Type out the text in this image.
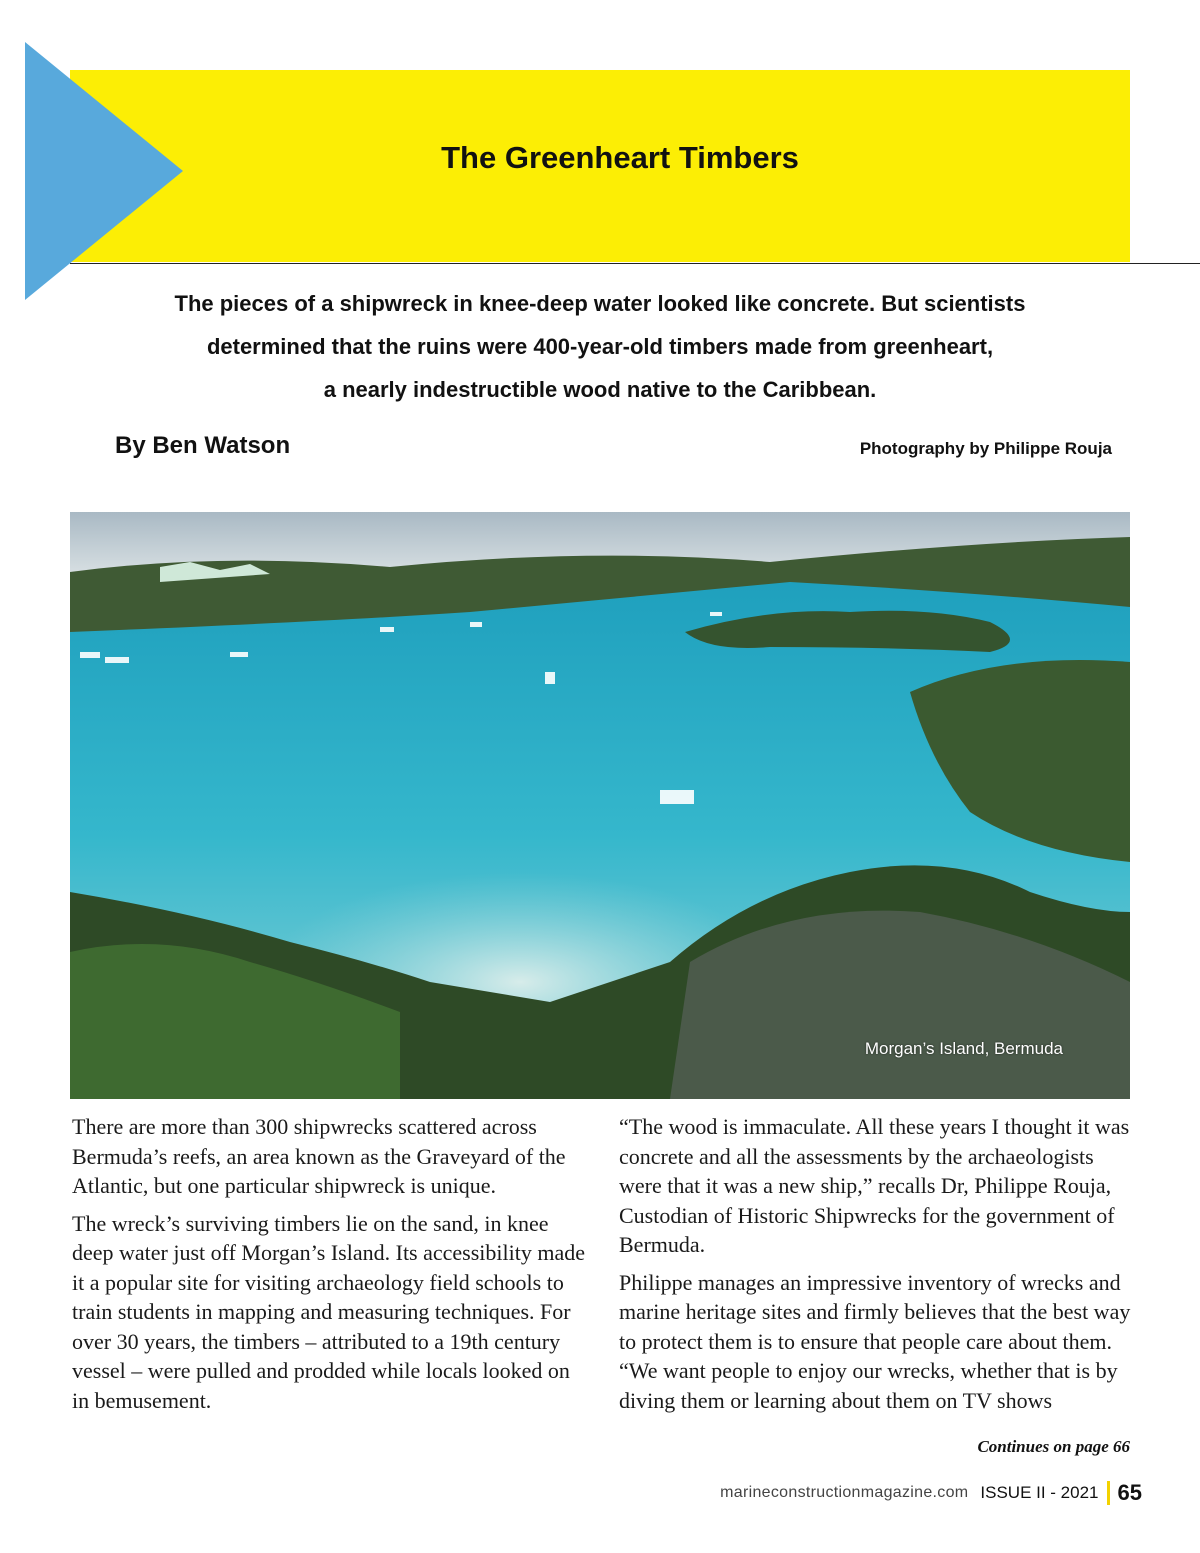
The Greenheart Timbers
The pieces of a shipwreck in knee-deep water looked like concrete. But scientists
determined that the ruins were 400-year-old timbers made from greenheart,
a nearly indestructible wood native to the Caribbean.

By Ben Watson	Photography by Philippe Rouja

Morgan’s Island, Bermuda

There are more than 300 shipwrecks scattered across Bermuda’s reefs, an area known as the Graveyard of the Atlantic, but one particular shipwreck is unique.

The wreck’s surviving timbers lie on the sand, in knee deep water just off Morgan’s Island. Its accessibility made it a popular site for visiting archaeology field schools to train students in mapping and measuring techniques. For over 30 years, the timbers – attributed to a 19th century vessel – were pulled and prodded while locals looked on in bemusement.

“The wood is immaculate. All these years I thought it was concrete and all the assessments by the archaeologists were that it was a new ship,” recalls Dr, Philippe Rouja, Custodian of Historic Shipwrecks for the government of Bermuda.

Philippe manages an impressive inventory of wrecks and marine heritage sites and firmly believes that the best way to protect them is to ensure that people care about them. “We want people to enjoy our wrecks, whether that is by diving them or learning about them on TV shows

Continues on page 66

marineconstructionmagazine.com ISSUE II - 2021 65
